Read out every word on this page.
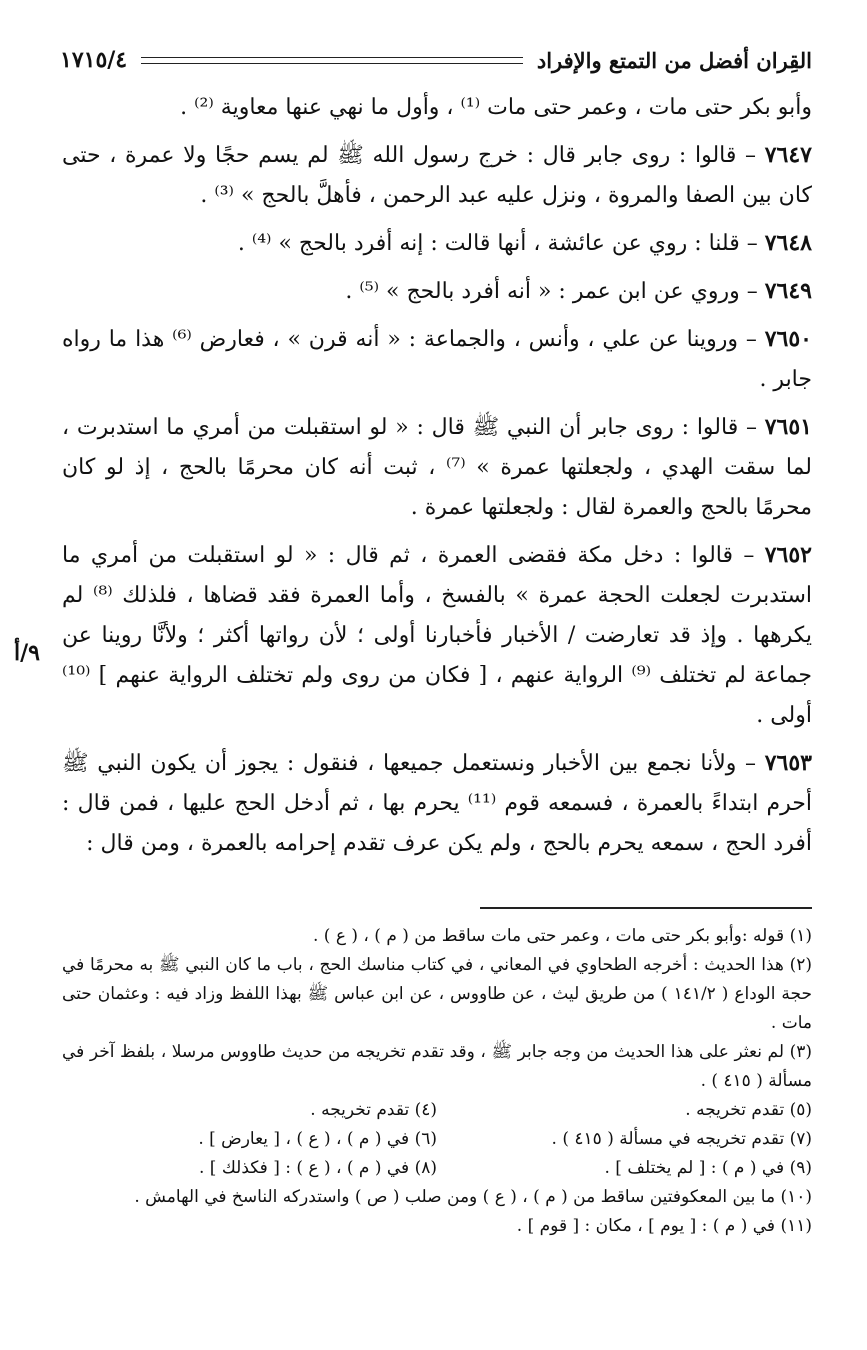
القِران أفضل من التمتع والإفراد
١٧١٥/٤
٩/أ

وأبو بكر حتى مات ، وعمر حتى مات ⁽¹⁾ ، وأول ما نهي عنها معاوية ⁽²⁾ .

٧٦٤٧ – قالوا : روى جابر قال : خرج رسول الله ﷺ لم يسم حجًا ولا عمرة ، حتى كان بين الصفا والمروة ، ونزل عليه عبد الرحمن ، فأهلَّ بالحج » ⁽³⁾ .

٧٦٤٨ – قلنا : روي عن عائشة ، أنها قالت : إنه أفرد بالحج » ⁽⁴⁾ .

٧٦٤٩ – وروي عن ابن عمر : « أنه أفرد بالحج » ⁽⁵⁾ .

٧٦٥٠ – وروينا عن علي ، وأنس ، والجماعة : « أنه قرن » ، فعارض ⁽⁶⁾ هذا ما رواه جابر .

٧٦٥١ – قالوا : روى جابر أن النبي ﷺ قال : « لو استقبلت من أمري ما استدبرت ، لما سقت الهدي ، ولجعلتها عمرة » ⁽⁷⁾ ، ثبت أنه كان محرمًا بالحج ، إذ لو كان محرمًا بالحج والعمرة لقال : ولجعلتها عمرة .

٧٦٥٢ – قالوا : دخل مكة فقضى العمرة ، ثم قال : « لو استقبلت من أمري ما استدبرت لجعلت الحجة عمرة » بالفسخ ، وأما العمرة فقد قضاها ، فلذلك ⁽⁸⁾ لم يكرهها . وإذ قد تعارضت / الأخبار فأخبارنا أولى ؛ لأن رواتها أكثر ؛ ولأنَّا روينا عن جماعة لم تختلف ⁽⁹⁾ الرواية عنهم ، [ فكان من روى ولم تختلف الرواية عنهم ] ⁽¹⁰⁾ أولى .

٧٦٥٣ – ولأنا نجمع بين الأخبار ونستعمل جميعها ، فنقول : يجوز أن يكون النبي ﷺ أحرم ابتداءً بالعمرة ، فسمعه قوم ⁽¹¹⁾ يحرم بها ، ثم أدخل الحج عليها ، فمن قال : أفرد الحج ، سمعه يحرم بالحج ، ولم يكن عرف تقدم إحرامه بالعمرة ، ومن قال :

(١) قوله :وأبو بكر حتى مات ، وعمر حتى مات ساقط من ( م ) ، ( ع ) .

(٢) هذا الحديث : أخرجه الطحاوي في المعاني ، في كتاب مناسك الحج ، باب ما كان النبي ﷺ به محرمًا في حجة الوداع ( ١٤١/٢ ) من طريق ليث ، عن طاووس ، عن ابن عباس ﷺ بهذا اللفظ وزاد فيه : وعثمان حتى مات .

(٣) لم نعثر على هذا الحديث من وجه جابر ﷺ ، وقد تقدم تخريجه من حديث طاووس مرسلا ، بلفظ آخر في مسألة ( ٤١٥ ) .

(٥) تقدم تخريجه .

(٤) تقدم تخريجه .

(٧) تقدم تخريجه في مسألة ( ٤١٥ ) .

(٦) في ( م ) ، ( ع ) ، [ يعارض ] .

(٩) في ( م ) : [ لم يختلف ] .

(٨) في ( م ) ، ( ع ) : [ فكذلك ] .

(١٠) ما بين المعكوفتين ساقط من ( م ) ، ( ع ) ومن صلب ( ص ) واستدركه الناسخ في الهامش .

(١١) في ( م ) : [ يوم ] ، مكان : [ قوم ] .
